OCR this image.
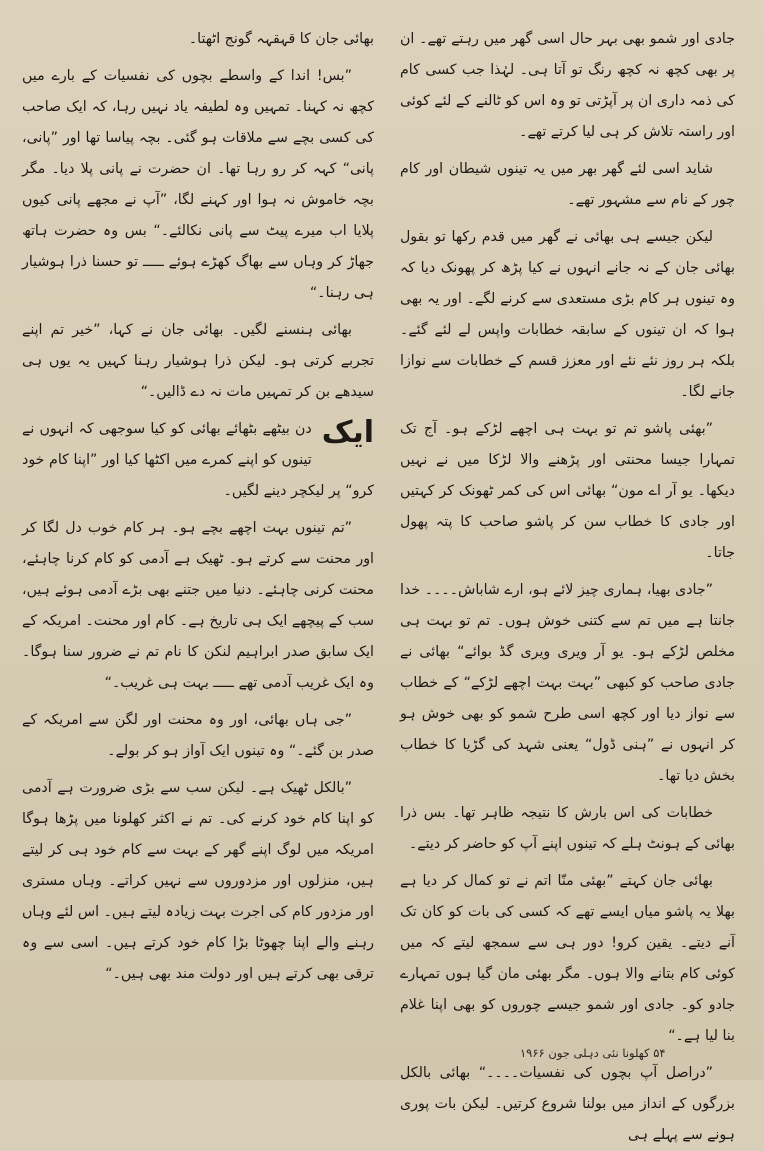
جادی اور شمو بھی بہر حال اسی گھر میں رہتے تھے۔ ان پر بھی کچھ نہ کچھ رنگ تو آتا ہی۔ لہٰذا جب کسی کام کی ذمہ داری ان پر آپڑتی تو وہ اس کو ٹالنے کے لئے کوئی اور راستہ تلاش کر ہی لیا کرتے تھے۔

شاید اسی لئے گھر بھر میں یہ تینوں شیطان اور کام چور کے نام سے مشہور تھے۔

لیکن جیسے ہی بھائی نے گھر میں قدم رکھا تو بقول بھائی جان کے نہ جانے انہوں نے کیا پڑھ کر پھونک دیا کہ وہ تینوں ہر کام بڑی مستعدی سے کرنے لگے۔ اور یہ بھی ہوا کہ ان تینوں کے سابقہ خطابات واپس لے لئے گئے۔ بلکہ ہر روز نئے نئے اور معزز قسم کے خطابات سے نوازا جانے لگا۔

”بھئی پاشو تم تو بہت ہی اچھے لڑکے ہو۔ آج تک تمہارا جیسا محنتی اور پڑھنے والا لڑکا میں نے نہیں دیکھا۔ یو آر اے مون“ بھائی اس کی کمر ٹھونک کر کہتیں اور جادی کا خطاب سن کر پاشو صاحب کا پتہ پھول جاتا۔

”جادی بھیا، ہماری چیز لائے ہو، ارے شاباش۔۔۔۔ خدا جانتا ہے میں تم سے کتنی خوش ہوں۔ تم تو بہت ہی مخلص لڑکے ہو۔ یو آر ویری ویری گڈ بوائے“ بھائی نے جادی صاحب کو کبھی ”بہت بہت اچھے لڑکے“ کے خطاب سے نواز دیا اور کچھ اسی طرح شمو کو بھی خوش ہو کر انہوں نے ”ہنی ڈول“ یعنی شہد کی گڑیا کا خطاب بخش دیا تھا۔

خطابات کی اس بارش کا نتیجہ ظاہر تھا۔ بس ذرا بھائی کے ہونٹ ہلے کہ تینوں اپنے آپ کو حاضر کر دیتے۔

بھائی جان کہتے ”بھئی منّا اتم نے تو کمال کر دیا ہے بھلا یہ پاشو میاں ایسے تھے کہ کسی کی بات کو کان تک آنے دیتے۔ یقین کرو! دور ہی سے سمجھ لیتے کہ میں کوئی کام بتانے والا ہوں۔ مگر بھئی مان گیا ہوں تمہارے جادو کو۔ جادی اور شمو جیسے چوروں کو بھی اپنا غلام بنا لیا ہے۔“

”دراصل آپ بچوں کی نفسیات۔۔۔۔“ بھائی بالکل بزرگوں کے انداز میں بولنا شروع کرتیں۔ لیکن بات پوری ہونے سے پہلے ہی

بھائی جان کا قہقہہ گونج اٹھتا۔

”بس! اندا کے واسطے بچوں کی نفسیات کے بارے میں کچھ نہ کہنا۔ تمہیں وہ لطیفہ یاد نہیں رہا، کہ ایک صاحب کی کسی بچے سے ملاقات ہو گئی۔ بچہ پیاسا تھا اور ”پانی، پانی“ کہہ کر رو رہا تھا۔ ان حضرت نے پانی پلا دیا۔ مگر بچہ خاموش نہ ہوا اور کہنے لگا، ”آپ نے مجھے پانی کیوں پلایا اب میرے پیٹ سے پانی نکالئے۔“ بس وہ حضرت ہاتھ جھاڑ کر وہاں سے بھاگ کھڑے ہوئے ـــــ تو حسنا ذرا ہوشیار ہی رہنا۔“

بھائی ہنسنے لگیں۔ بھائی جان نے کہا، ”خیر تم اپنے تجربے کرتی ہو۔ لیکن ذرا ہوشیار رہنا کہیں یہ یوں ہی سیدھے بن کر تمہیں مات نہ دے ڈالیں۔“

ایک
دن بیٹھے بٹھائے بھائی کو کیا سوجھی کہ انہوں نے تینوں کو اپنے کمرے میں اکٹھا کیا اور ”اپنا کام خود کرو“ پر لیکچر دینے لگیں۔

”تم تینوں بہت اچھے بچے ہو۔ ہر کام خوب دل لگا کر اور محنت سے کرتے ہو۔ ٹھیک ہے آدمی کو کام کرنا چاہئے، محنت کرنی چاہئے۔ دنیا میں جتنے بھی بڑے آدمی ہوئے ہیں، سب کے پیچھے ایک ہی تاریخ ہے۔ کام اور محنت۔ امریکہ کے ایک سابق صدر ابراہیم لنکن کا نام تم نے ضرور سنا ہوگا۔ وہ ایک غریب آدمی تھے ـــــ بہت ہی غریب۔“

”جی ہاں بھائی، اور وہ محنت اور لگن سے امریکہ کے صدر بن گئے۔“ وہ تینوں ایک آواز ہو کر بولے۔

”بالکل ٹھیک ہے۔ لیکن سب سے بڑی ضرورت ہے آدمی کو اپنا کام خود کرنے کی۔ تم نے اکثر کھلونا میں پڑھا ہوگا امریکہ میں لوگ اپنے گھر کے بہت سے کام خود ہی کر لیتے ہیں، منزلوں اور مزدوروں سے نہیں کراتے۔ وہاں مستری اور مزدور کام کی اجرت بہت زیادہ لیتے ہیں۔ اس لئے وہاں رہنے والے اپنا چھوٹا بڑا کام خود کرتے ہیں۔ اسی سے وہ ترقی بھی کرتے ہیں اور دولت مند بھی ہیں۔“

۵۴ کھلونا نئی دہلی جون ۱۹۶۶
